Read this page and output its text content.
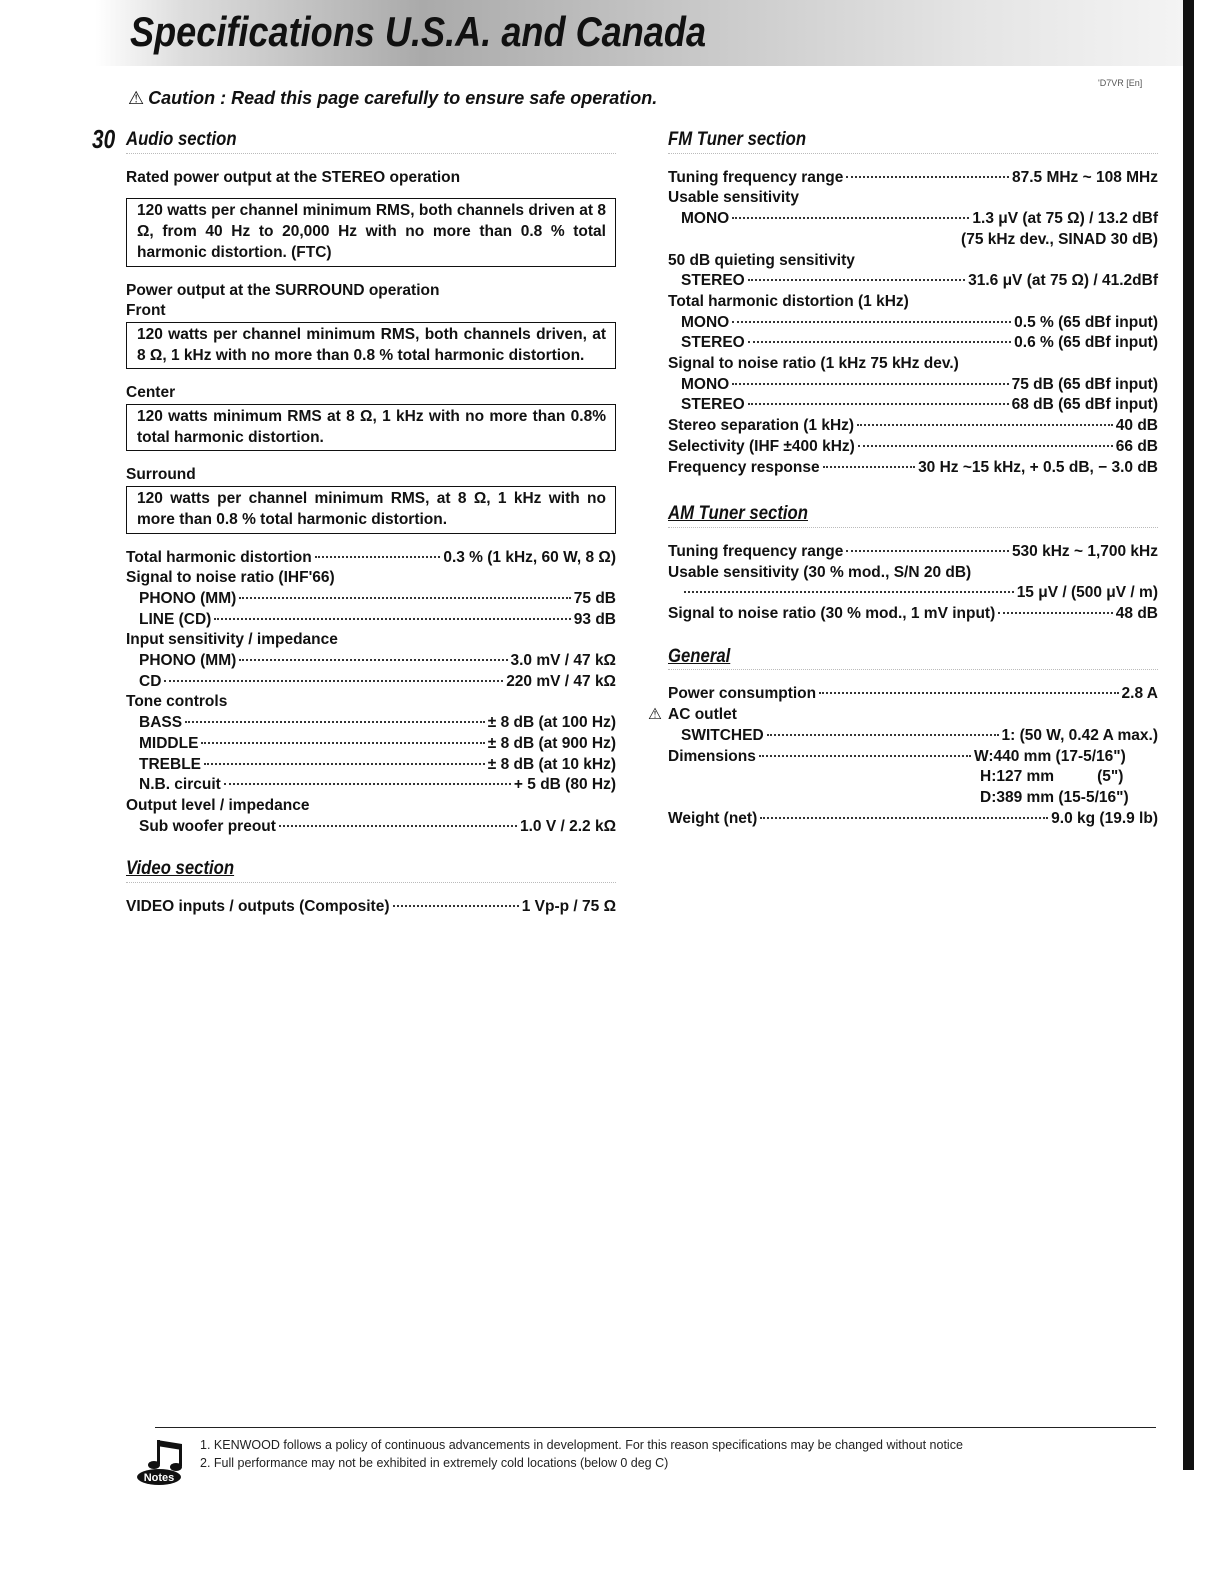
Specifications U.S.A. and Canada
'D7VR [En]
⚠ Caution : Read this page carefully to ensure safe operation.
30 Audio section
Rated power output at the STEREO operation
120 watts per channel minimum RMS, both channels driven at 8 Ω, from 40 Hz to 20,000 Hz with no more than 0.8 % total harmonic distortion. (FTC)
Power output at the SURROUND operation
Front
120 watts per channel minimum RMS, both channels driven, at 8 Ω, 1 kHz with no more than 0.8 % total harmonic distortion.
Center
120 watts minimum RMS at 8 Ω, 1 kHz with no more than 0.8% total harmonic distortion.
Surround
120 watts per channel minimum RMS, at 8 Ω, 1 kHz with no more than 0.8 % total harmonic distortion.
Total harmonic distortion	0.3 % (1 kHz, 60 W, 8 Ω)
Signal to noise ratio (IHF'66)
PHONO (MM)	75 dB
LINE (CD)	93 dB
Input sensitivity / impedance
PHONO (MM)	3.0 mV / 47 kΩ
CD	220 mV / 47 kΩ
Tone controls
BASS	± 8 dB (at 100 Hz)
MIDDLE	± 8 dB (at 900 Hz)
TREBLE	± 8 dB (at 10 kHz)
N.B. circuit	+ 5 dB (80 Hz)
Output level / impedance
Sub woofer preout	1.0 V / 2.2 kΩ
Video section
VIDEO inputs / outputs (Composite)	1 Vp-p / 75 Ω
FM Tuner section
Tuning frequency range	87.5 MHz ~ 108 MHz
Usable sensitivity
MONO	1.3 μV (at 75 Ω) / 13.2 dBf
(75 kHz dev., SINAD 30 dB)
50 dB quieting sensitivity
STEREO	31.6 μV (at 75 Ω) / 41.2dBf
Total harmonic distortion (1 kHz)
MONO	0.5 % (65 dBf input)
STEREO	0.6 % (65 dBf input)
Signal to noise ratio (1 kHz 75 kHz dev.)
MONO	75 dB (65 dBf input)
STEREO	68 dB (65 dBf input)
Stereo separation (1 kHz)	40 dB
Selectivity (IHF ±400 kHz)	66 dB
Frequency response	30 Hz ~15 kHz, + 0.5 dB, − 3.0 dB
AM Tuner section
Tuning frequency range	530 kHz ~ 1,700 kHz
Usable sensitivity (30 % mod., S/N 20 dB)
15 μV / (500 μV / m)
Signal to noise ratio (30 % mod., 1 mV input)	48 dB
General
Power consumption	2.8 A
⚠ AC outlet
SWITCHED	1: (50 W, 0.42 A max.)
Dimensions	W:440 mm (17-5/16")
H:127 mm          (5")
D:389 mm (15-5/16")
Weight (net)	9.0 kg (19.9 lb)
Notes
1. KENWOOD follows a policy of continuous advancements in development. For this reason specifications may be changed without notice
2. Full performance may not be exhibited in extremely cold locations (below 0 deg C)
